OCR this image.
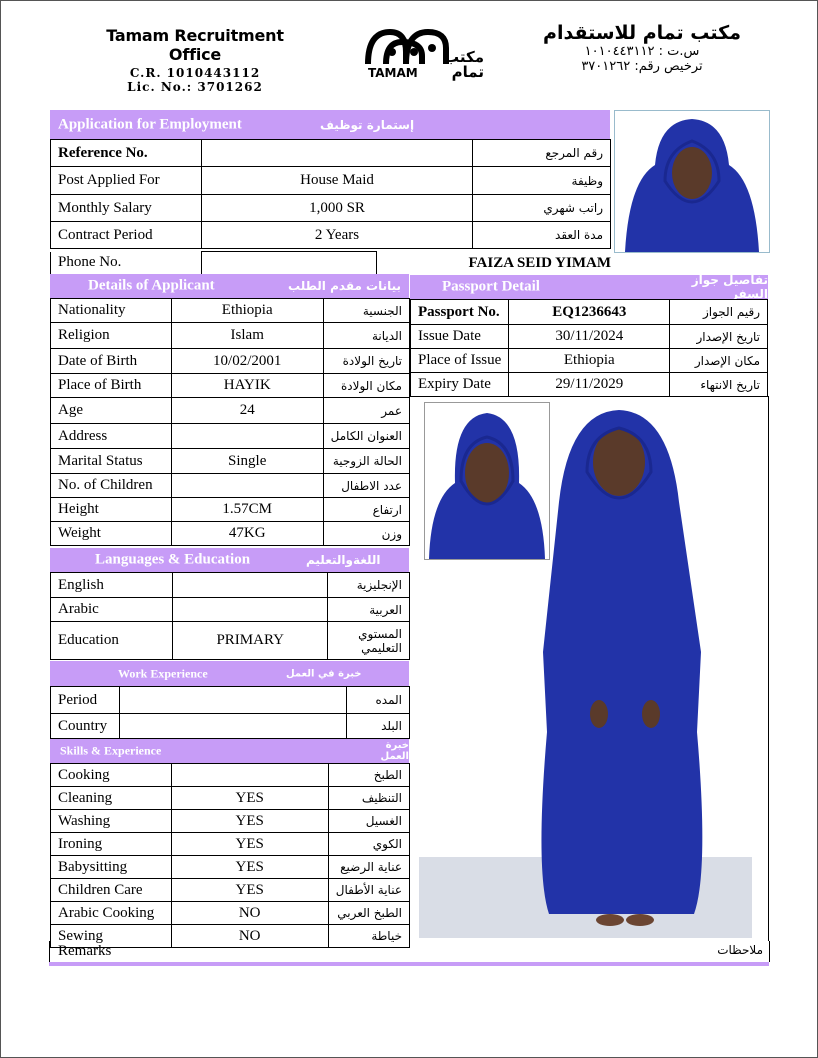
Tamam Recruitment Office
C.R. 1010443112
Lic. No.: 3701262
TAMAM
مكتب تمام
مكتب تمام للاستقدام
س.ت : ١٠١٠٤٤٣١١٢
ترخيص رقم: ٣٧٠١٢٦٢
Application for Employment	إستمارة توظيف
Reference No.		رقم المرجع
Post Applied For	House Maid	وظيفة
Monthly Salary	1,000 SR	راتب شهري
Contract Period	2 Years	مدة العقد
Phone No.		FAIZA SEID YIMAM
Details of Applicant	بيانات مقدم الطلب
Nationality	Ethiopia	الجنسية
Religion	Islam	الديانة
Date of Birth	10/02/2001	تاريخ الولادة
Place of Birth	HAYIK	مكان الولادة
Age	24	عمر
Address		العنوان الكامل
Marital Status	Single	الحالة الزوجية
No. of Children		عدد الاطفال
Height	1.57CM	ارتفاع
Weight	47KG	وزن
Passport Detail	تفاصيل جواز السفر
Passport No.	EQ1236643	رقيم الجواز
Issue Date	30/11/2024	تاريخ الإصدار
Place of Issue	Ethiopia	مكان الإصدار
Expiry Date	29/11/2029	تاريخ الانتهاء
Languages & Education	اللغةوالتعليم
English		الإنجليزية
Arabic		العربية
Education	PRIMARY	المستوي التعليمي
Work Experience	خبرة في العمل
Period		المده
Country		البلد
Skills & Experience	خبرة العمل
Cooking		الطبخ
Cleaning	YES	التنظيف
Washing	YES	الغسيل
Ironing	YES	الكوي
Babysitting	YES	عناية الرضيع
Children Care	YES	عناية الأطفال
Arabic Cooking	NO	الطبخ العربي
Sewing	NO	خياطة
Remarks	ملاحظات
